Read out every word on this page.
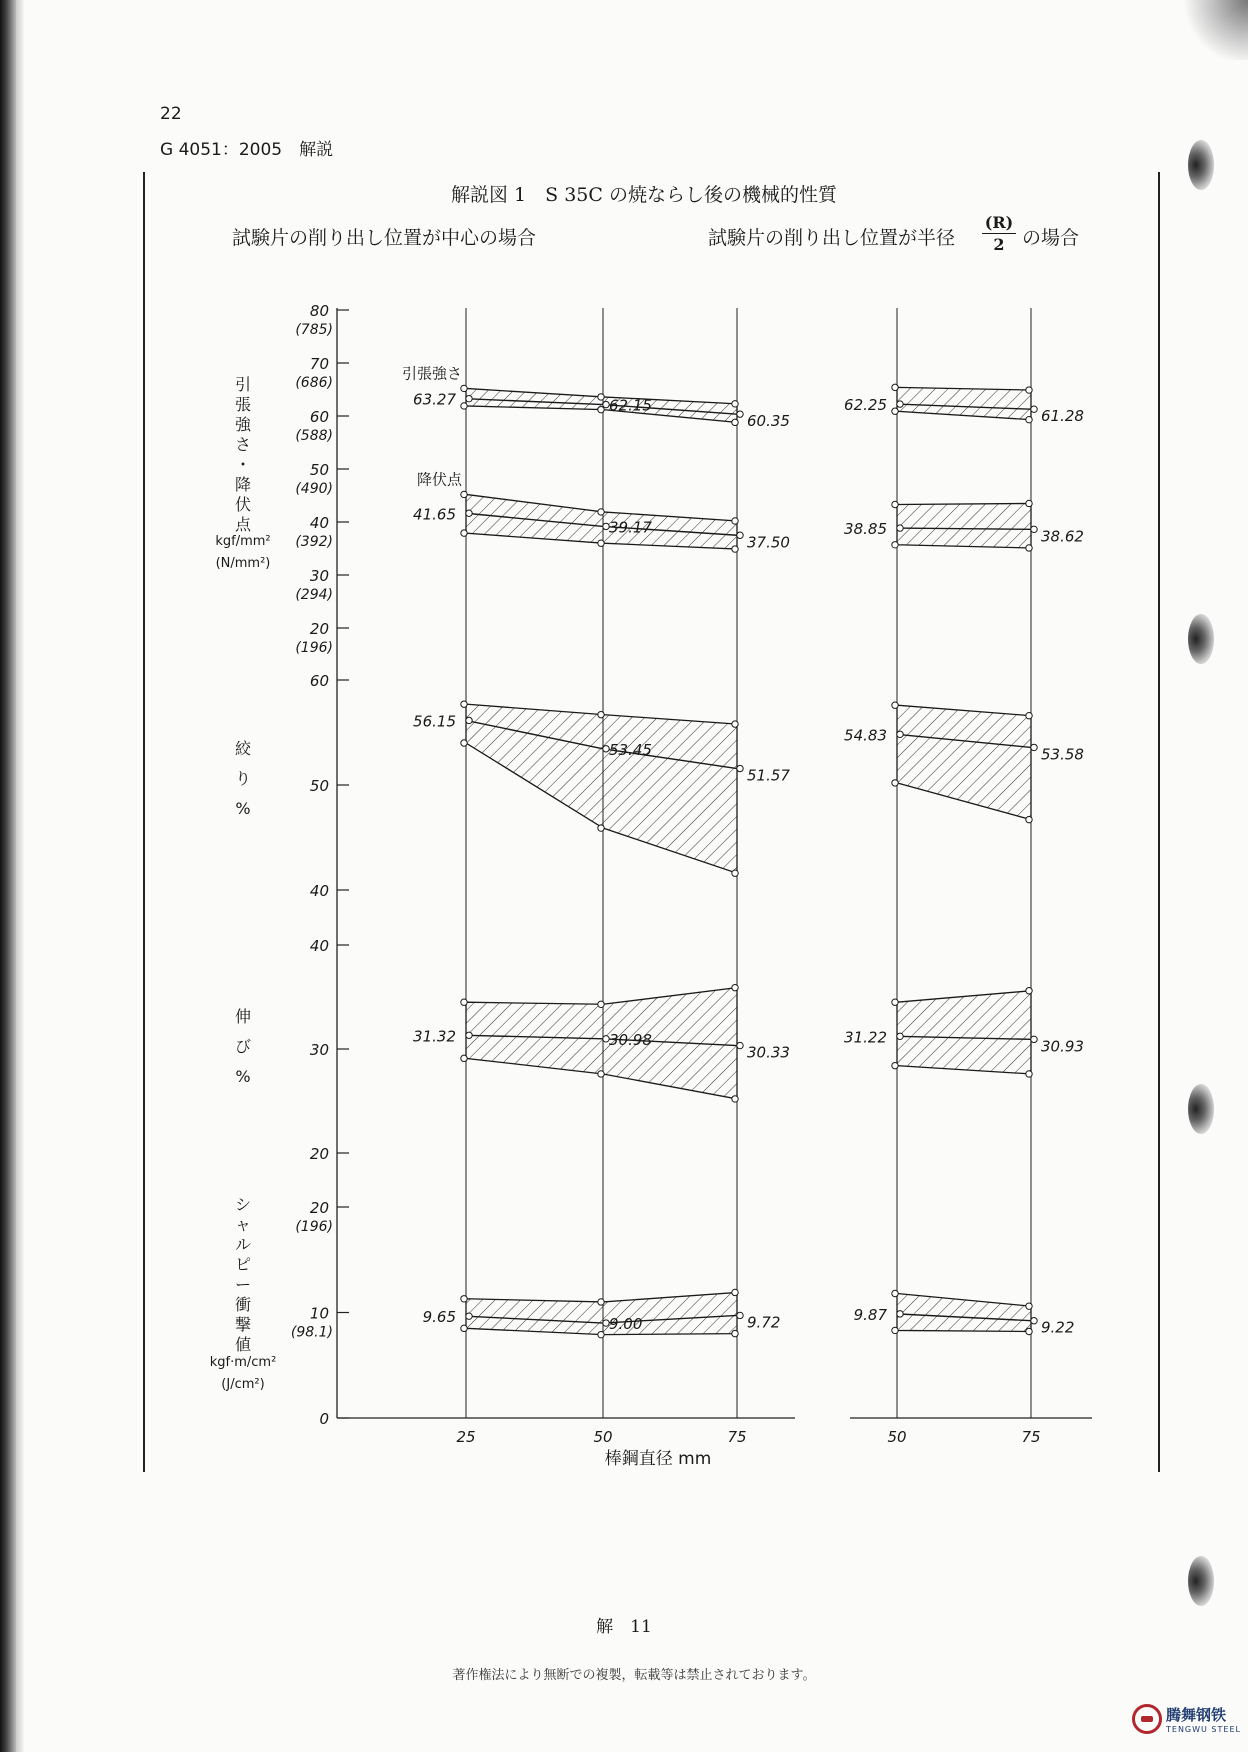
22
G 4051：2005　解説
解説図 1　S 35C の焼ならし後の機械的性質
試験片の削り出し位置が中心の場合	試験片の削り出し位置が半径 $\frac{(R)}{2}$ の場合
25	50	75	50	75
棒鋼直径 mm
80
(785)
70
(686)
60
(588)
50
(490)
40
(392)
30
(294)
20
(196)
引
張
強
さ
・
降
伏
点
kgf/mm²
(N/mm²)
63.27	62.15
60.35
62.25
61.28
引張強さ
41.65
39.17
37.50
38.85	38.62
降伏点
60
50
40
絞
り
%
56.15
53.45
51.57
54.83
53.58
40
30
20
伸
び
%
31.32	30.98
30.33
31.22
30.93
20
(196)
10
(98.1)
0
シ
ャ
ル
ピ
ー
衝
撃
値
kgf·m/cm²
(J/cm²)
9.65	9.00	9.72	9.87
9.22
解　11
著作権法により無断での複製，転載等は禁止されております。
腾舞钢铁
TENGWU STEEL
